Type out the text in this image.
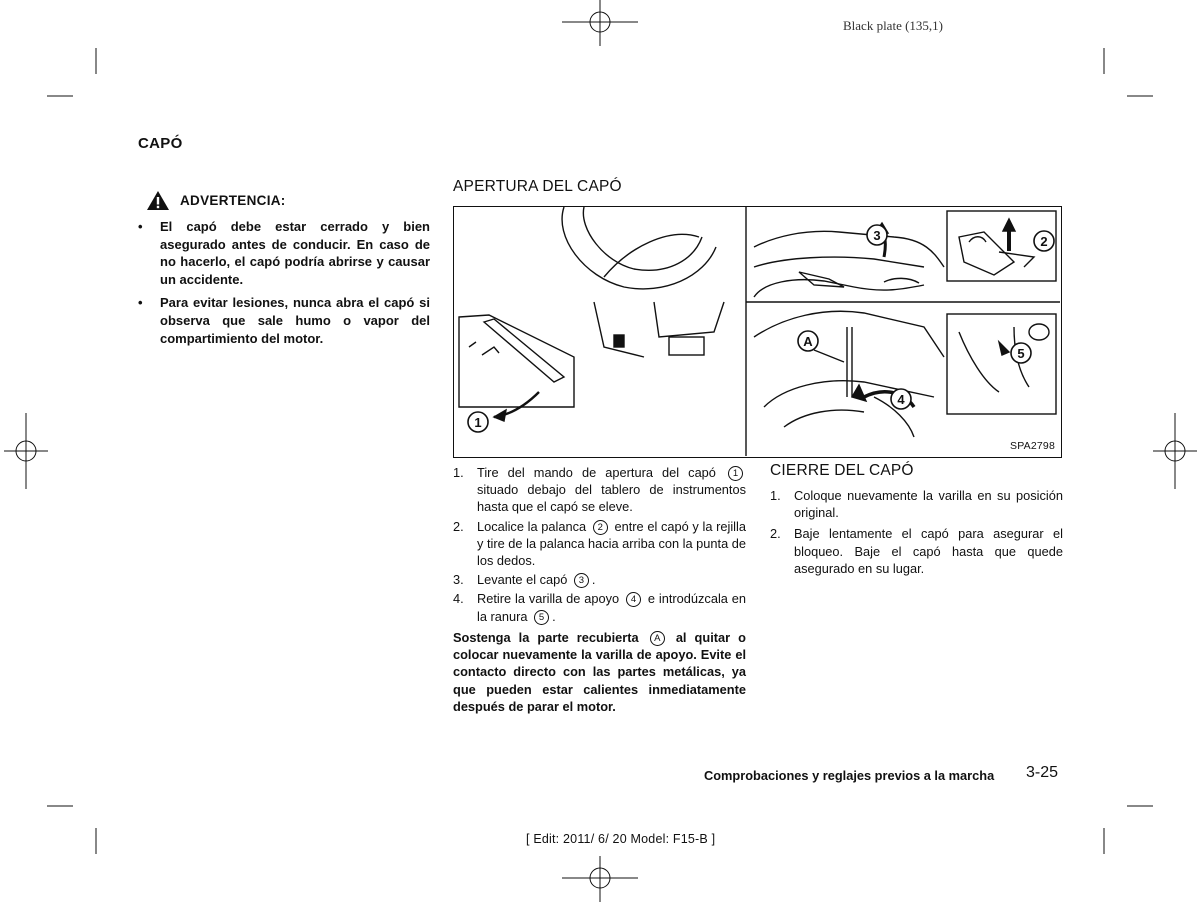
Black plate (135,1)
CAPÓ
ADVERTENCIA:
• El capó debe estar cerrado y bien asegurado antes de conducir. En caso de no hacerlo, el capó podría abrirse y causar un accidente.
• Para evitar lesiones, nunca abra el capó si observa que sale humo o vapor del compartimiento del motor.
APERTURA DEL CAPÓ
1
2
3
4
5
A
SPA2798
1. Tire del mando de apertura del capó 1 situado debajo del tablero de instrumentos hasta que el capó se eleve.
2. Localice la palanca 2 entre el capó y la rejilla y tire de la palanca hacia arriba con la punta de los dedos.
3. Levante el capó 3 .
4. Retire la varilla de apoyo 4 e introdúzcala en la ranura 5 .
Sostenga la parte recubierta A al quitar o colocar nuevamente la varilla de apoyo. Evite el contacto directo con las partes metálicas, ya que pueden estar calientes inmediatamente después de parar el motor.
CIERRE DEL CAPÓ
1. Coloque nuevamente la varilla en su posición original.
2. Baje lentamente el capó para asegurar el bloqueo. Baje el capó hasta que quede asegurado en su lugar.
Comprobaciones y reglajes previos a la marcha 3-25
[ Edit: 2011/ 6/ 20 Model: F15-B ]
